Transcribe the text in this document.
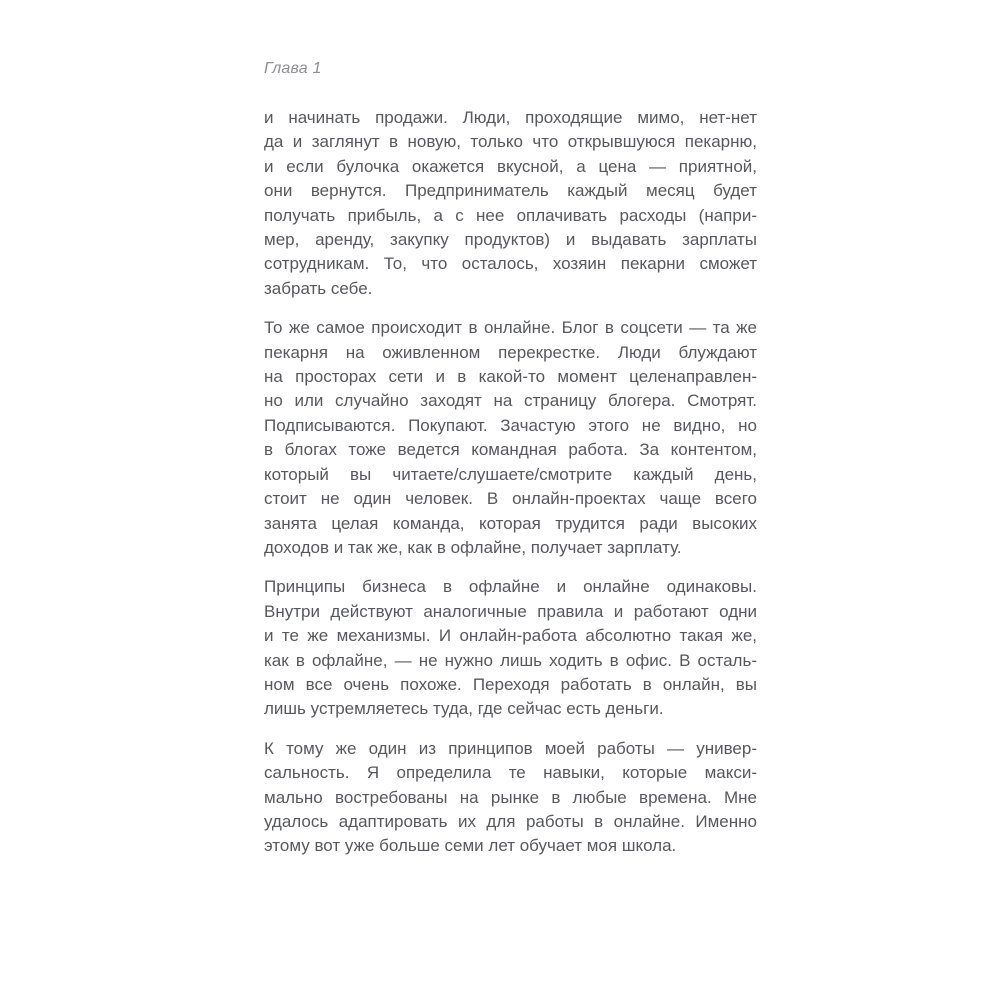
Глава 1
и начинать продажи. Люди, проходящие мимо, нет-нет
да и заглянут в новую, только что открывшуюся пекарню,
и если булочка окажется вкусной, а цена — приятной,
они вернутся. Предприниматель каждый месяц будет
получать прибыль, а с нее оплачивать расходы (напри-
мер, аренду, закупку продуктов) и выдавать зарплаты
сотрудникам. То, что осталось, хозяин пекарни сможет
забрать себе.
То же самое происходит в онлайне. Блог в соцсети — та же
пекарня на оживленном перекрестке. Люди блуждают
на просторах сети и в какой-то момент целенаправлен-
но или случайно заходят на страницу блогера. Смотрят.
Подписываются. Покупают. Зачастую этого не видно, но
в блогах тоже ведется командная работа. За контентом,
который вы читаете/слушаете/смотрите каждый день,
стоит не один человек. В онлайн-проектах чаще всего
занята целая команда, которая трудится ради высоких
доходов и так же, как в офлайне, получает зарплату.
Принципы бизнеса в офлайне и онлайне одинаковы.
Внутри действуют аналогичные правила и работают одни
и те же механизмы. И онлайн-работа абсолютно такая же,
как в офлайне, — не нужно лишь ходить в офис. В осталь-
ном все очень похоже. Переходя работать в онлайн, вы
лишь устремляетесь туда, где сейчас есть деньги.
К тому же один из принципов моей работы — универ-
сальность. Я определила те навыки, которые макси-
мально востребованы на рынке в любые времена. Мне
удалось адаптировать их для работы в онлайне. Именно
этому вот уже больше семи лет обучает моя школа.
